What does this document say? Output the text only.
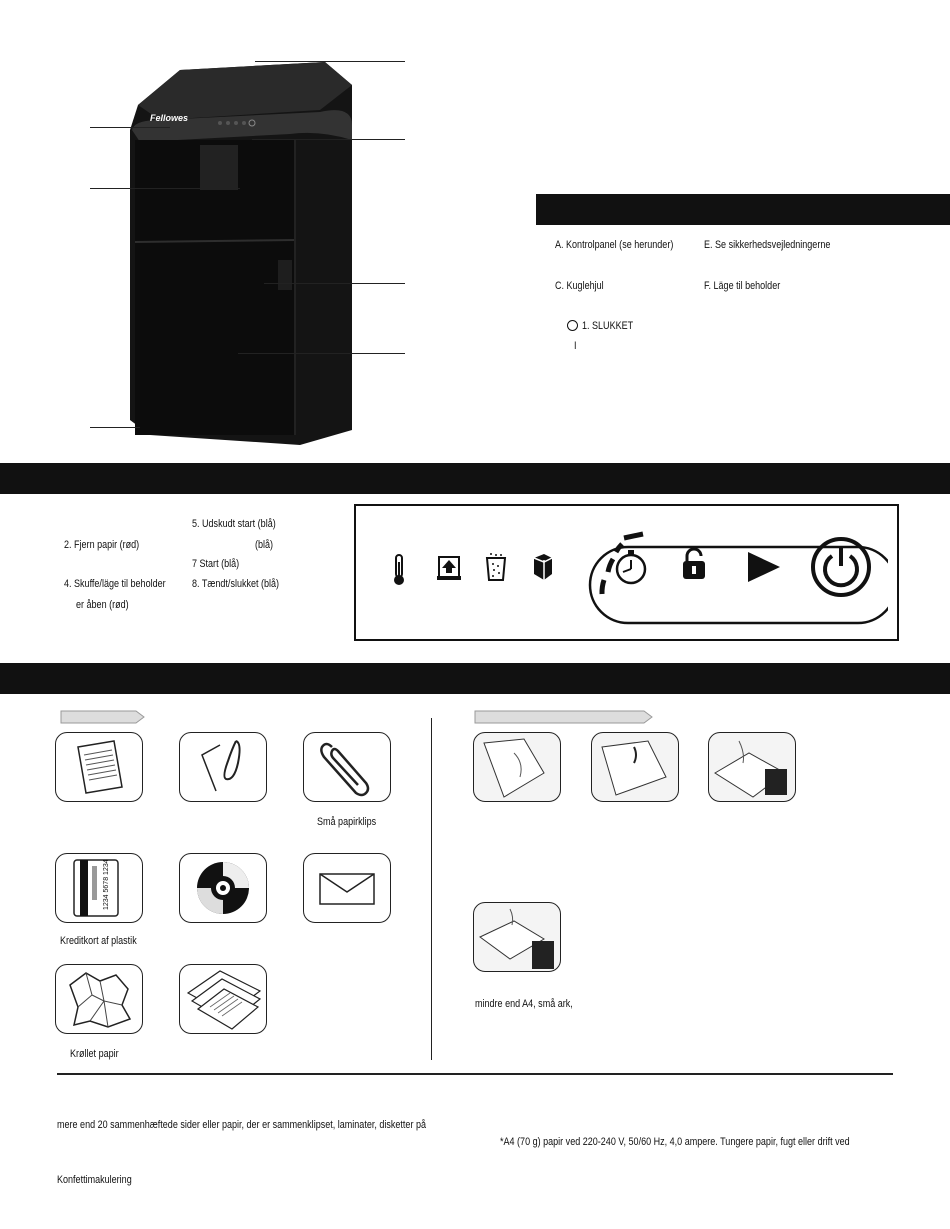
Fellowes
A. Kontrolpanel (se herunder)	E. Se sikkerhedsvejledningerne
C. Kuglehjul	F. Läge til beholder
1. SLUKKET
I
2. Fjern papir (rød)
4. Skuffe/läge til beholder
er åben (rød)
5. Udskudt start (blå)
(blå)
7 Start (blå)
8. Tændt/slukket (blå)
Små papirklips
1234 5678 1234
Kreditkort af plastik
Krøllet papir
mindre end A4, små ark,
mere end 20 sammenhæftede sider eller papir, der er sammenklipset, laminater, disketter på
*A4 (70 g) papir ved 220-240 V, 50/60 Hz, 4,0 ampere. Tungere papir, fugt eller drift ved
Konfettimakulering
